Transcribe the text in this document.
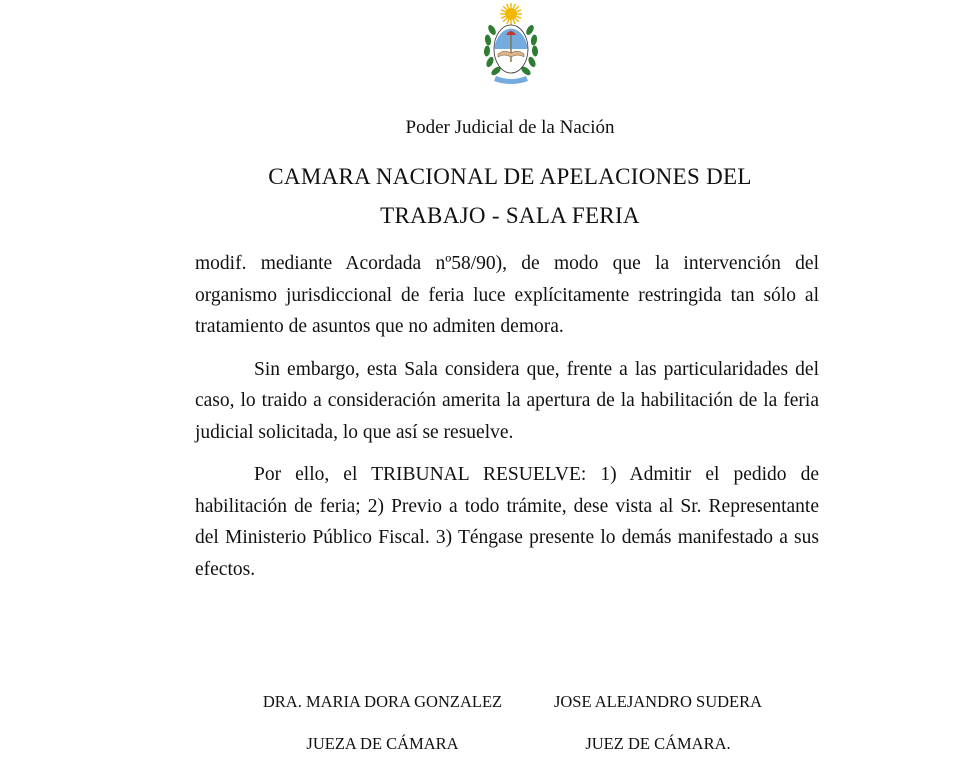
Poder Judicial de la Nación
CAMARA NACIONAL DE APELACIONES DEL
TRABAJO - SALA FERIA

modif. mediante Acordada nº58/90), de modo que la intervención del organismo jurisdiccional de feria luce explícitamente restringida tan sólo al tratamiento de asuntos que no admiten demora.

Sin embargo, esta Sala considera que, frente a las particularidades del caso, lo traido a consideración amerita la apertura de la habilitación de la feria judicial solicitada, lo que así se resuelve.

Por ello, el TRIBUNAL RESUELVE: 1) Admitir el pedido de habilitación de feria; 2) Previo a todo trámite, dese vista al Sr. Representante del Ministerio Público Fiscal. 3) Téngase presente lo demás manifestado a sus efectos.

DRA. MARIA DORA GONZALEZ
JUEZA DE CÁMARA
JOSE ALEJANDRO SUDERA
JUEZ DE CÁMARA.
